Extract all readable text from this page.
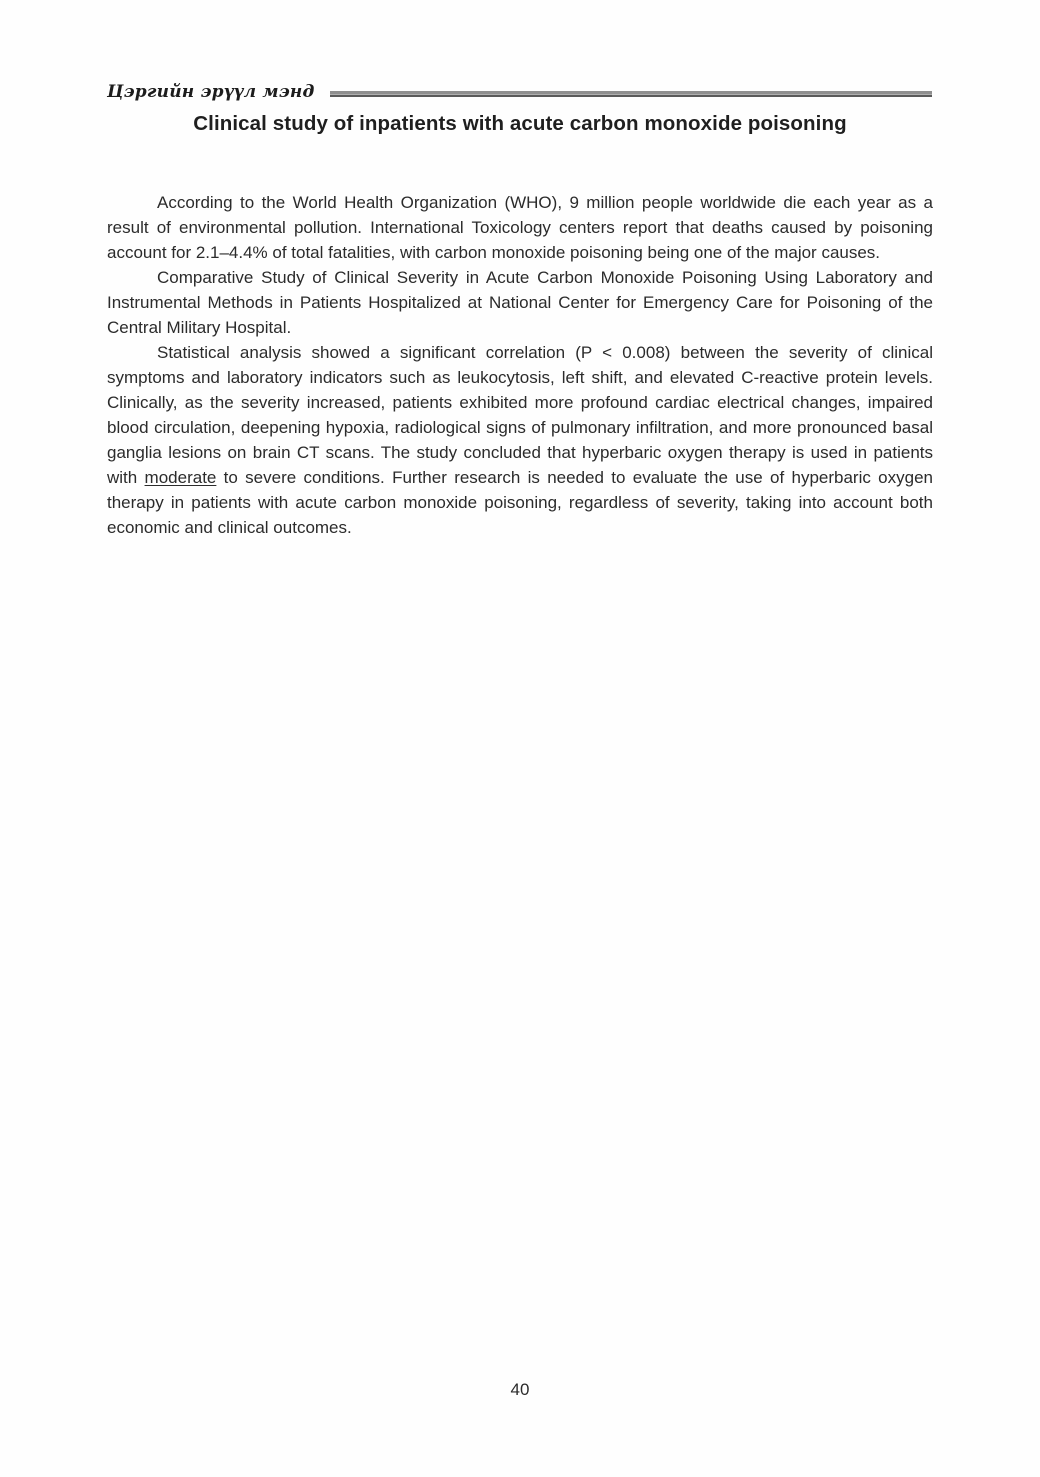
Цэргийн эрүүл мэнд
Clinical study of inpatients with acute carbon monoxide poisoning

According to the World Health Organization (WHO), 9 million people worldwide die each year as a result of environmental pollution. International Toxicology centers report that deaths caused by poisoning account for 2.1–4.4% of total fatalities, with carbon monoxide poisoning being one of the major causes.

Comparative Study of Clinical Severity in Acute Carbon Monoxide Poisoning Using Laboratory and Instrumental Methods in Patients Hospitalized at National Center for Emergency Care for Poisoning of the Central Military Hospital.

Statistical analysis showed a significant correlation (P < 0.008) between the severity of clinical symptoms and laboratory indicators such as leukocytosis, left shift, and elevated C-reactive protein levels. Clinically, as the severity increased, patients exhibited more profound cardiac electrical changes, impaired blood circulation, deepening hypoxia, radiological signs of pulmonary infiltration, and more pronounced basal ganglia lesions on brain CT scans. The study concluded that hyperbaric oxygen therapy is used in patients with moderate to severe conditions. Further research is needed to evaluate the use of hyperbaric oxygen therapy in patients with acute carbon monoxide poisoning, regardless of severity, taking into account both economic and clinical outcomes.

40
